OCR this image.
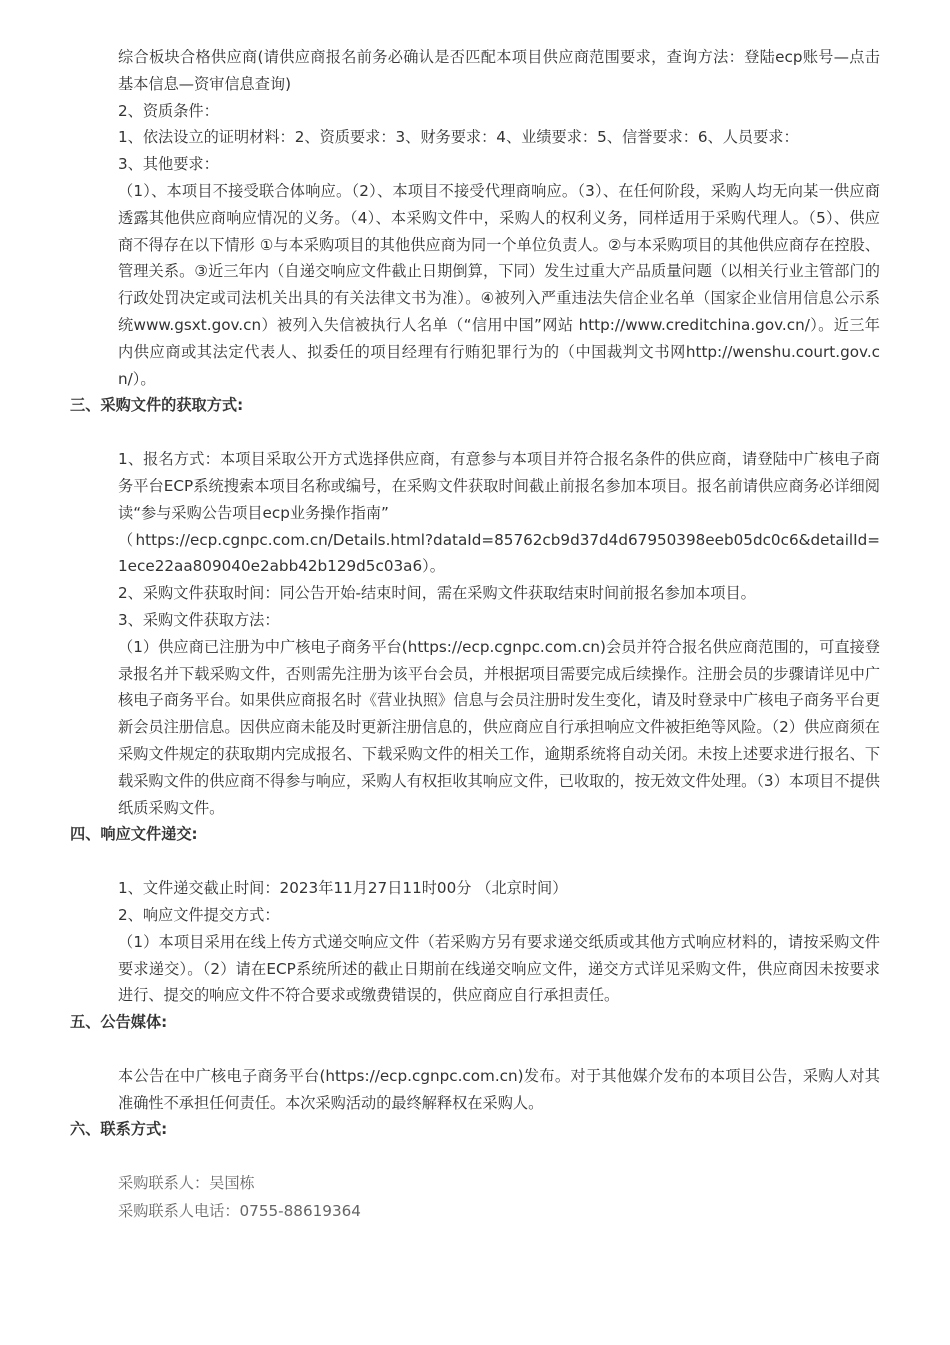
综合板块合格供应商(请供应商报名前务必确认是否匹配本项目供应商范围要求，查询方法：登陆ecp账号—点击基本信息—资审信息查询)

2、资质条件：

1、依法设立的证明材料：2、资质要求：3、财务要求：4、业绩要求：5、信誉要求：6、人员要求：

3、其他要求：

（1）、本项目不接受联合体响应。（2）、本项目不接受代理商响应。（3）、在任何阶段，采购人均无向某一供应商透露其他供应商响应情况的义务。（4）、本采购文件中，采购人的权利义务，同样适用于采购代理人。（5）、供应商不得存在以下情形 ①与本采购项目的其他供应商为同一个单位负责人。②与本采购项目的其他供应商存在控股、管理关系。③近三年内（自递交响应文件截止日期倒算，下同）发生过重大产品质量问题（以相关行业主管部门的行政处罚决定或司法机关出具的有关法律文书为准）。④被列入严重违法失信企业名单（国家企业信用信息公示系统www.gsxt.gov.cn）被列入失信被执行人名单（“信用中国”网站 http://www.creditchina.gov.cn/）。近三年内供应商或其法定代表人、拟委任的项目经理有行贿犯罪行为的（中国裁判文书网http://wenshu.court.gov.cn/）。

三、采购文件的获取方式:

1、报名方式：本项目采取公开方式选择供应商，有意参与本项目并符合报名条件的供应商，请登陆中广核电子商务平台ECP系统搜索本项目名称或编号，在采购文件获取时间截止前报名参加本项目。报名前请供应商务必详细阅读“参与采购公告项目ecp业务操作指南”

（https://ecp.cgnpc.com.cn/Details.html?dataId=85762cb9d37d4d67950398eeb05dc0c6&detailId=1ece22aa809040e2abb42b129d5c03a6）。

2、采购文件获取时间：同公告开始-结束时间，需在采购文件获取结束时间前报名参加本项目。

3、采购文件获取方法：

（1）供应商已注册为中广核电子商务平台(https://ecp.cgnpc.com.cn)会员并符合报名供应商范围的，可直接登录报名并下载采购文件，否则需先注册为该平台会员，并根据项目需要完成后续操作。注册会员的步骤请详见中广核电子商务平台。如果供应商报名时《营业执照》信息与会员注册时发生变化，请及时登录中广核电子商务平台更新会员注册信息。因供应商未能及时更新注册信息的，供应商应自行承担响应文件被拒绝等风险。（2）供应商须在采购文件规定的获取期内完成报名、下载采购文件的相关工作，逾期系统将自动关闭。未按上述要求进行报名、下载采购文件的供应商不得参与响应，采购人有权拒收其响应文件，已收取的，按无效文件处理。（3）本项目不提供纸质采购文件。

四、响应文件递交:

1、文件递交截止时间：2023年11月27日11时00分 （北京时间）

2、响应文件提交方式：

（1）本项目采用在线上传方式递交响应文件（若采购方另有要求递交纸质或其他方式响应材料的，请按采购文件要求递交）。（2）请在ECP系统所述的截止日期前在线递交响应文件，递交方式详见采购文件，供应商因未按要求进行、提交的响应文件不符合要求或缴费错误的，供应商应自行承担责任。

五、公告媒体:

本公告在中广核电子商务平台(https://ecp.cgnpc.com.cn)发布。对于其他媒介发布的本项目公告，采购人对其准确性不承担任何责任。本次采购活动的最终解释权在采购人。

六、联系方式:

采购联系人：吴国栋

采购联系人电话：0755-88619364
